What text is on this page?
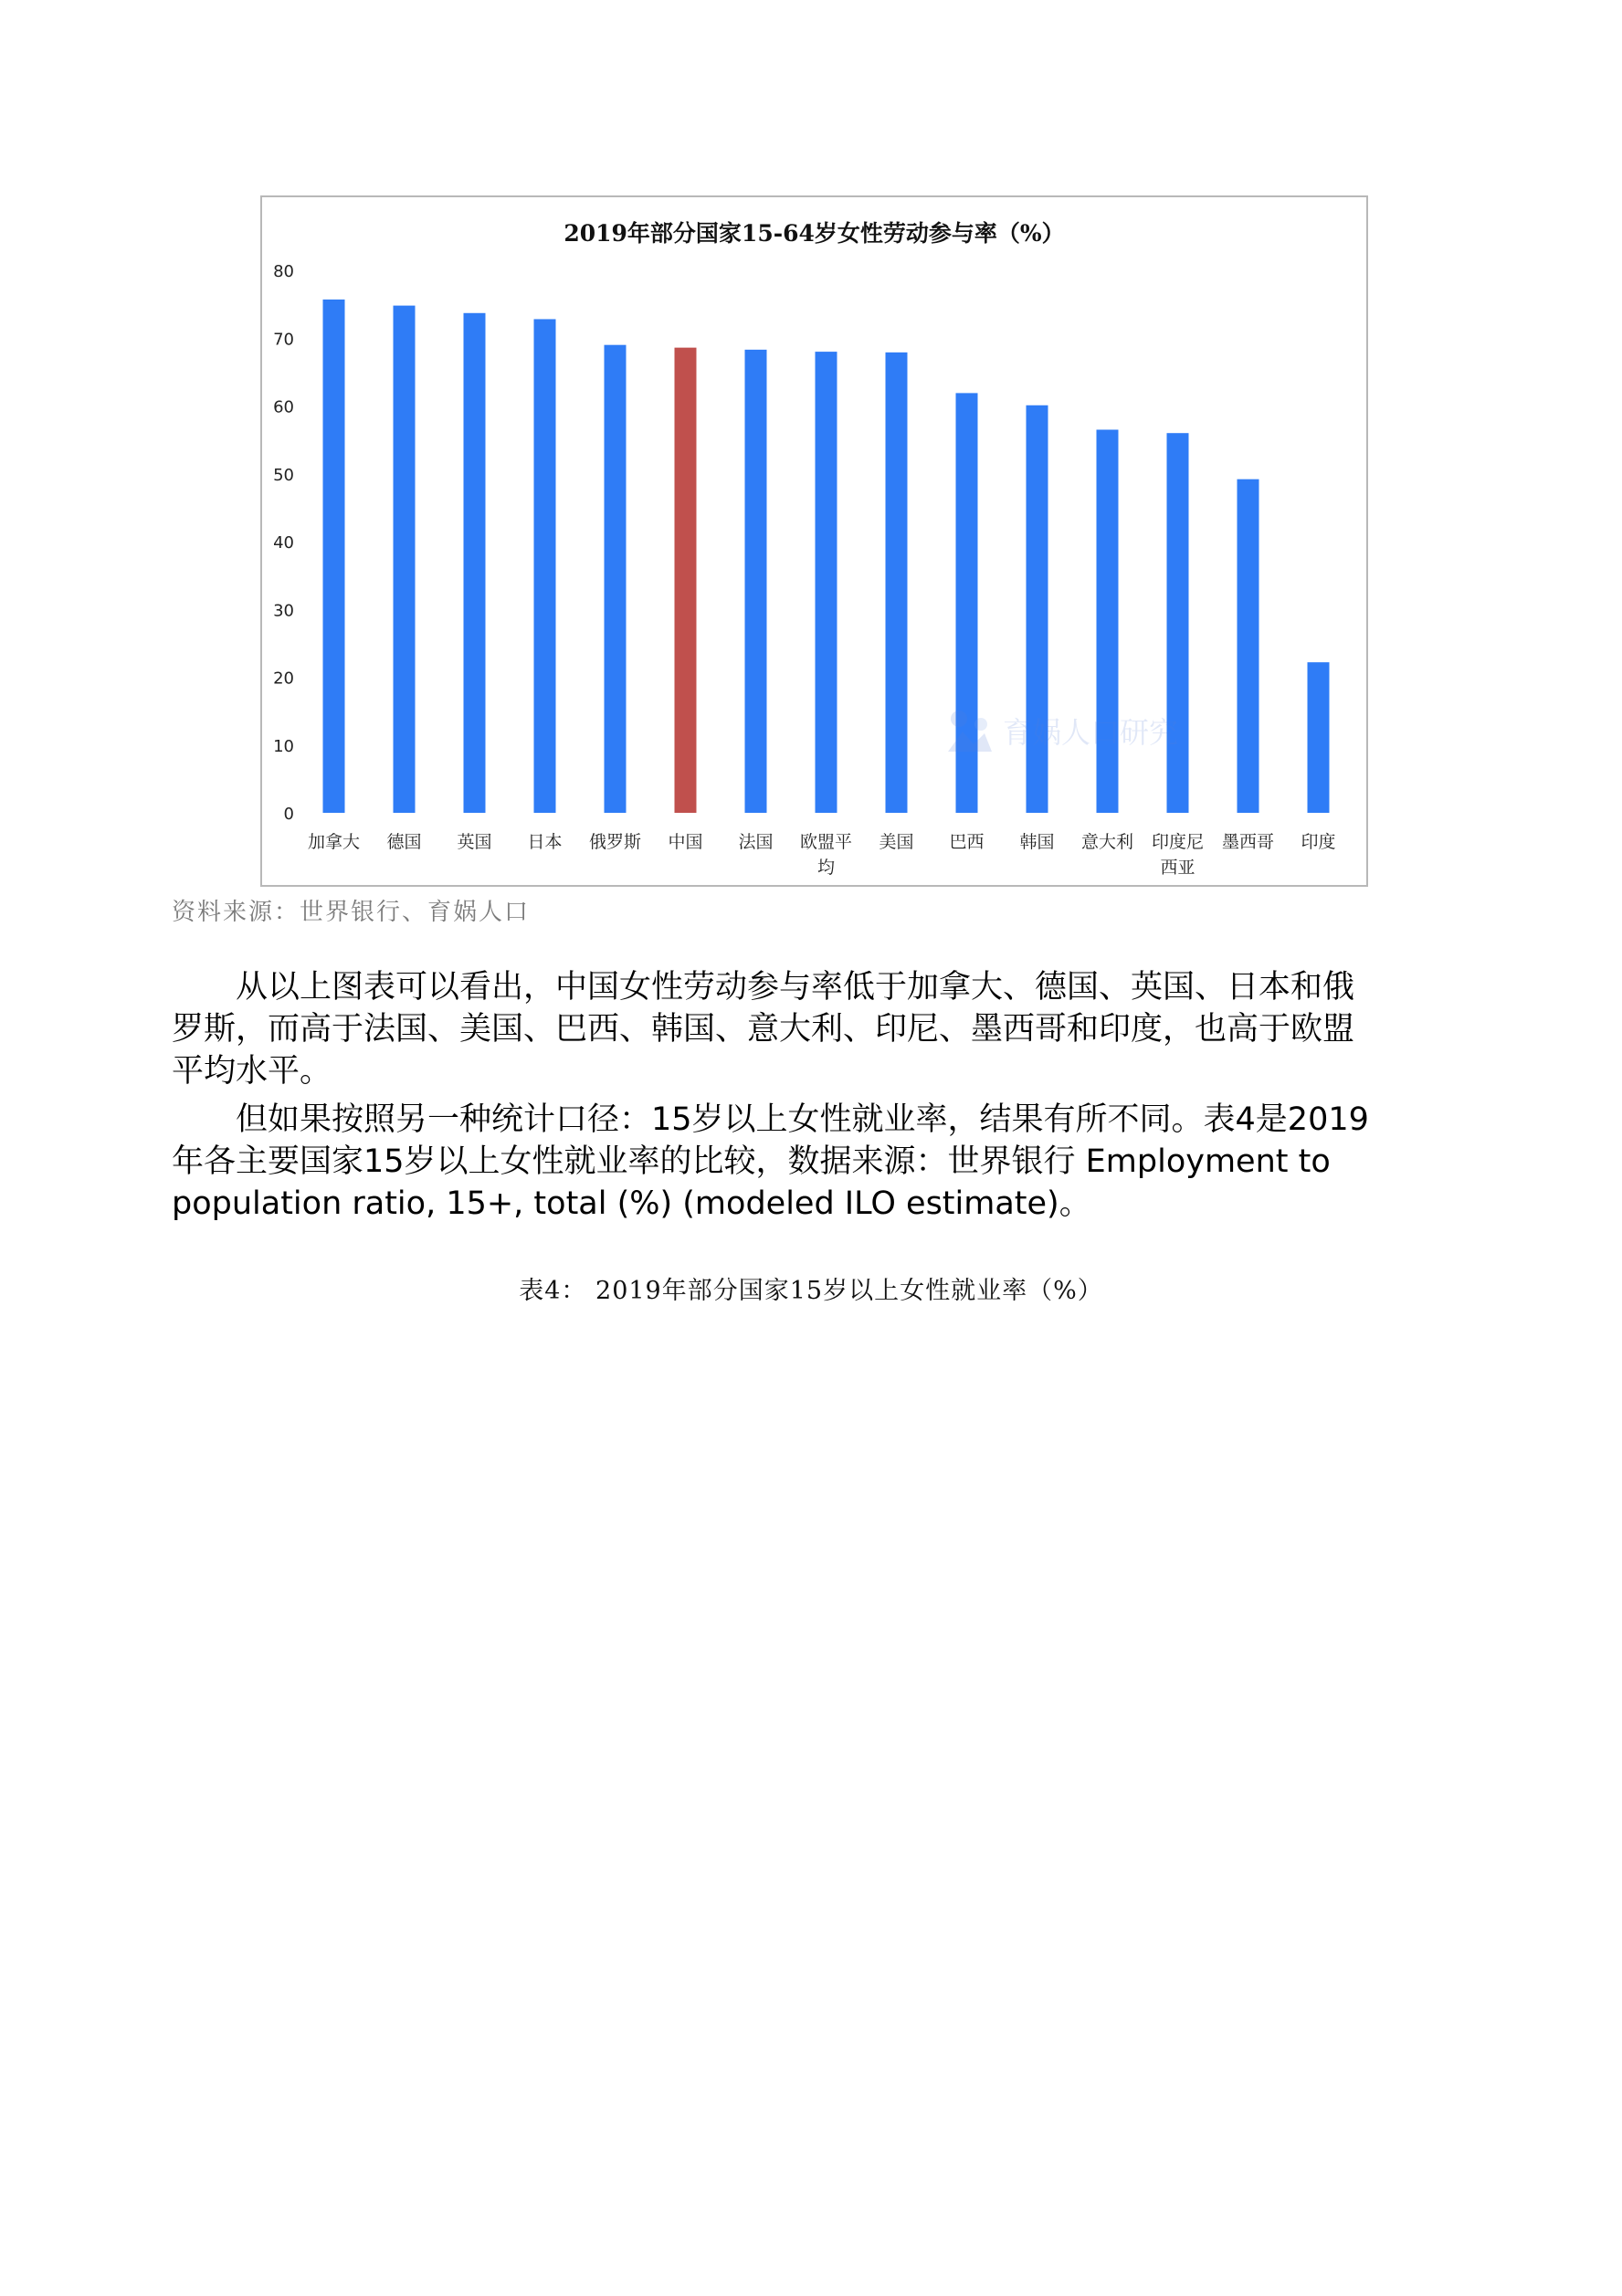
2019年部分国家15-64岁女性劳动参与率（%）
0
10
20
30
40
50
60
70
80
加拿大 德国 英国 日本 俄罗斯 中国 法国 欧盟平
均
美国 巴西 韩国 意大利 印度尼
西亚
墨西哥 印度
育娲人口研究
资料来源：世界银行、育娲人口

从以上图表可以看出，中国女性劳动参与率低于加拿大、德国、英国、日本和俄
罗斯，而高于法国、美国、巴西、韩国、意大利、印尼、墨西哥和印度，也高于欧盟
平均水平。

但如果按照另一种统计口径：15岁以上女性就业率，结果有所不同。表4是2019
年各主要国家15岁以上女性就业率的比较，数据来源：世界银行 Employment to
population ratio, 15+, total (%) (modeled ILO estimate)。

表4： 2019年部分国家15岁以上女性就业率（%）
